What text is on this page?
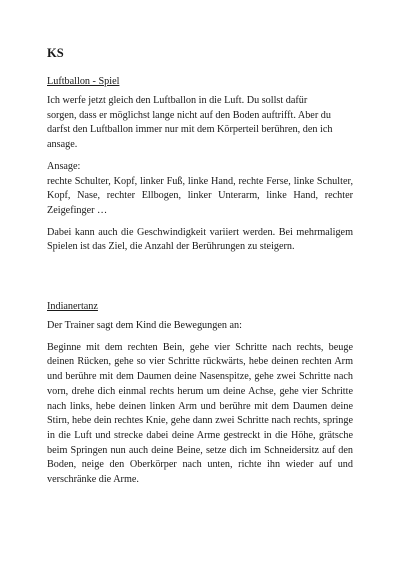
KS
Luftballon - Spiel

Ich werfe jetzt gleich den Luftballon in die Luft. Du sollst dafür
sorgen, dass er möglichst lange nicht auf den Boden auftrifft. Aber du
darfst den Luftballon immer nur mit dem Körperteil berühren, den ich
ansage.

Ansage:

rechte Schulter, Kopf, linker Fuß, linke Hand, rechte Ferse, linke Schulter, Kopf, Nase, rechter Ellbogen, linker Unterarm, linke Hand, rechter Zeigefinger …

Dabei kann auch die Geschwindigkeit variiert werden. Bei mehrmaligem Spielen ist das Ziel, die Anzahl der Berührungen zu steigern.

Indianertanz

Der Trainer sagt dem Kind die Bewegungen an:

Beginne mit dem rechten Bein, gehe vier Schritte nach rechts, beuge deinen Rücken, gehe so vier Schritte rückwärts, hebe deinen rechten Arm und berühre mit dem Daumen deine Nasenspitze, gehe zwei Schritte nach vorn, drehe dich einmal rechts herum um deine Achse, gehe vier Schritte nach links, hebe deinen linken Arm und berühre mit dem Daumen deine Stirn, hebe dein rechtes Knie, gehe dann zwei Schritte nach rechts, springe in die Luft und strecke dabei deine Arme gestreckt in die Höhe, grätsche beim Springen nun auch deine Beine, setze dich im Schneidersitz auf den Boden, neige den Oberkörper nach unten, richte ihn wieder auf und verschränke die Arme.
